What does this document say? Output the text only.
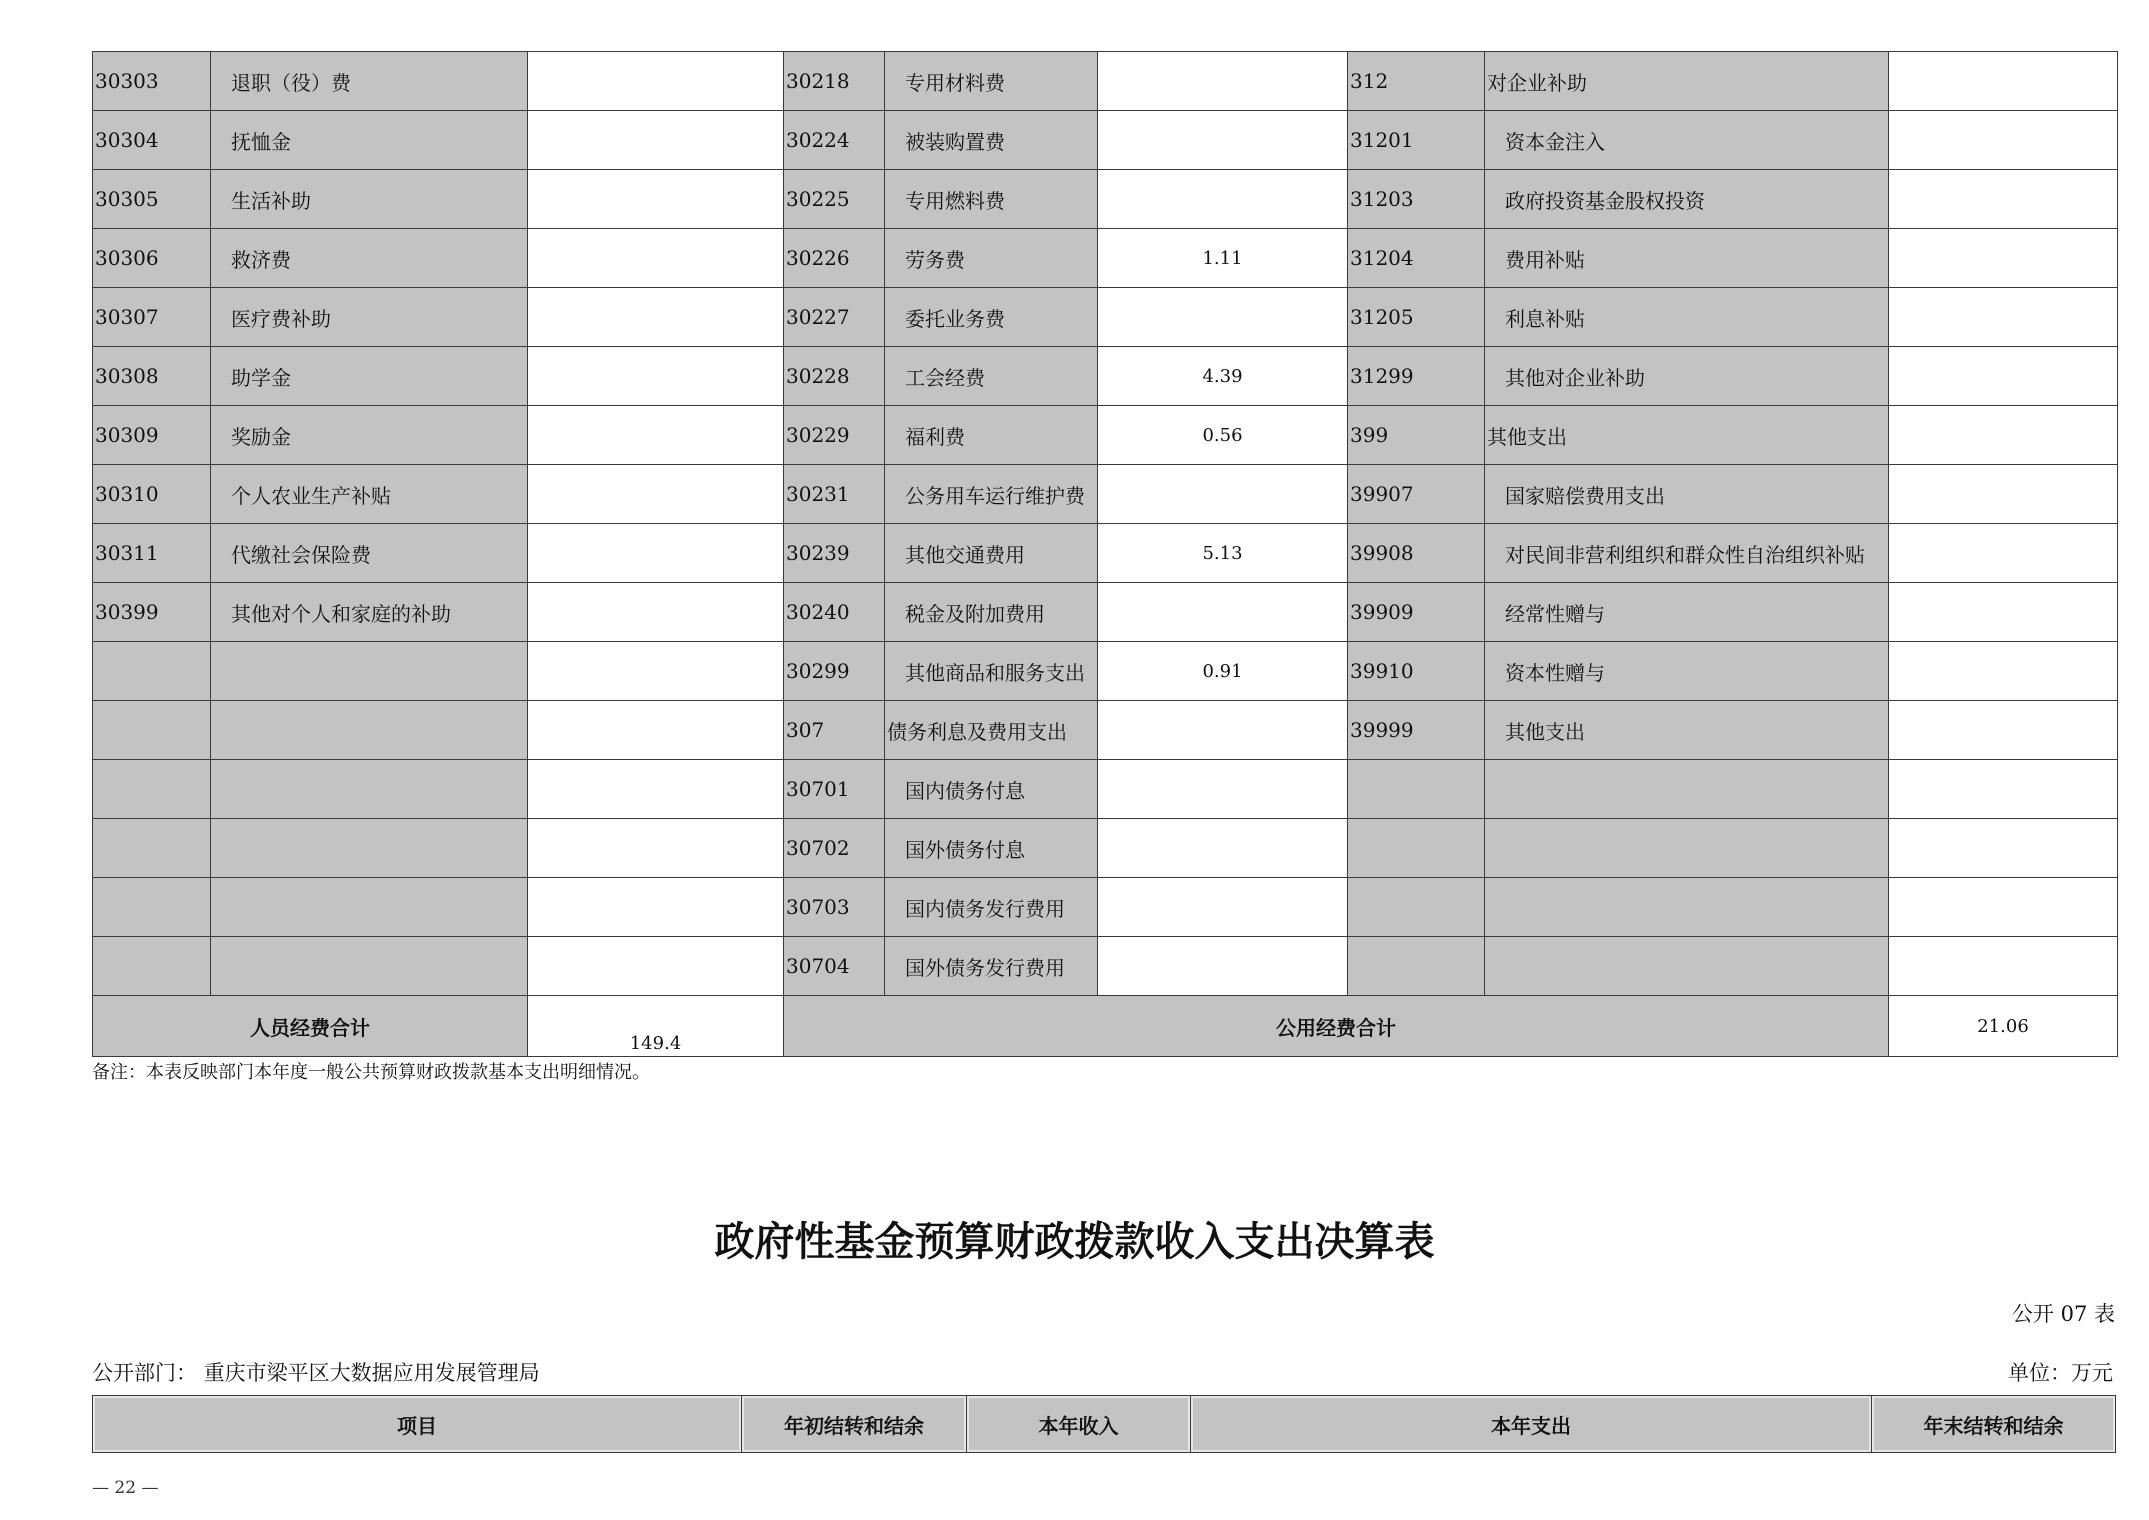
30303	退职（役）费		30218	专用材料费		312	对企业补助	
30304	抚恤金		30224	被装购置费		31201	资本金注入	
30305	生活补助		30225	专用燃料费		31203	政府投资基金股权投资	
30306	救济费		30226	劳务费	1.11	31204	费用补贴	
30307	医疗费补助		30227	委托业务费		31205	利息补贴	
30308	助学金		30228	工会经费	4.39	31299	其他对企业补助	
30309	奖励金		30229	福利费	0.56	399	其他支出	
30310	个人农业生产补贴		30231	公务用车运行维护费		39907	国家赔偿费用支出	
30311	代缴社会保险费		30239	其他交通费用	5.13	39908	对民间非营利组织和群众性自治组织补贴	
30399	其他对个人和家庭的补助		30240	税金及附加费用		39909	经常性赠与	
			30299	其他商品和服务支出	0.91	39910	资本性赠与	
			307	债务利息及费用支出		39999	其他支出	
			30701	国内债务付息				
			30702	国外债务付息				
			30703	国内债务发行费用				
			30704	国外债务发行费用				
人员经费合计		149.4	公用经费合计					21.06
备注：本表反映部门本年度一般公共预算财政拨款基本支出明细情况。
政府性基金预算财政拨款收入支出决算表
公开 07 表
公开部门： 重庆市梁平区大数据应用发展管理局	单位：万元
项目	年初结转和结余	本年收入	本年支出	年末结转和结余
— 22 —
